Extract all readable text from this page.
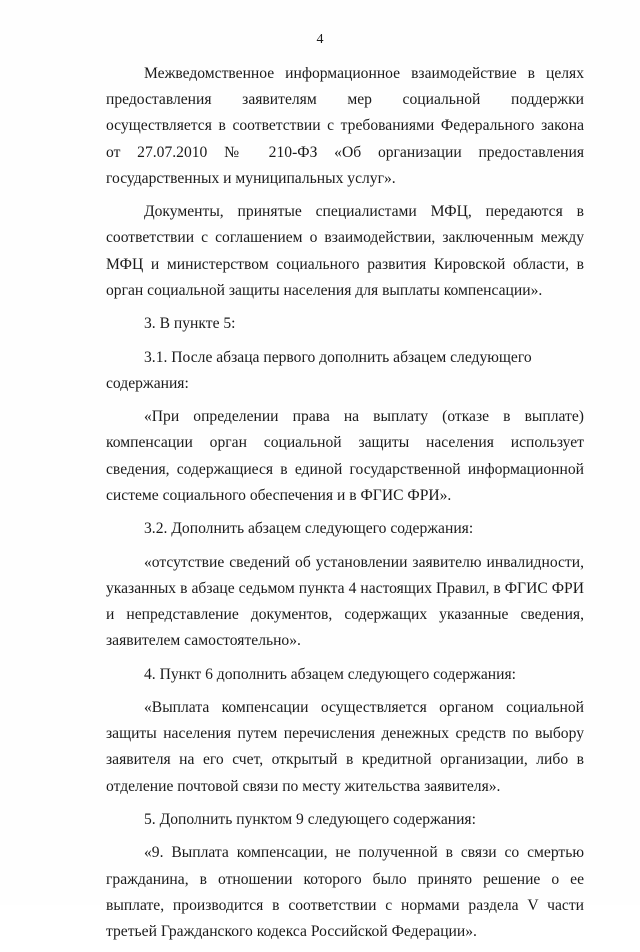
4

Межведомственное информационное взаимодействие в целях предоставления заявителям мер социальной поддержки осуществляется в соответствии с требованиями Федерального закона от 27.07.2010 № 210-ФЗ «Об организации предоставления государственных и муниципальных услуг».

Документы, принятые специалистами МФЦ, передаются в соответствии с соглашением о взаимодействии, заключенным между МФЦ и министерством социального развития Кировской области, в орган социальной защиты населения для выплаты компенсации».

3. В пункте 5:

3.1. После абзаца первого дополнить абзацем следующего содержания:

«При определении права на выплату (отказе в выплате) компенсации орган социальной защиты населения использует сведения, содержащиеся в единой государственной информационной системе социального обеспечения и в ФГИС ФРИ».

3.2. Дополнить абзацем следующего содержания:

«отсутствие сведений об установлении заявителю инвалидности, указанных в абзаце седьмом пункта 4 настоящих Правил, в ФГИС ФРИ и непредставление документов, содержащих указанные сведения, заявителем самостоятельно».

4. Пункт 6 дополнить абзацем следующего содержания:

«Выплата компенсации осуществляется органом социальной защиты населения путем перечисления денежных средств по выбору заявителя на его счет, открытый в кредитной организации, либо в отделение почтовой связи по месту жительства заявителя».

5. Дополнить пунктом 9 следующего содержания:

«9. Выплата компенсации, не полученной в связи со смертью гражданина, в отношении которого было принято решение о ее выплате, производится в соответствии с нормами раздела V части третьей Гражданского кодекса Российской Федерации».
